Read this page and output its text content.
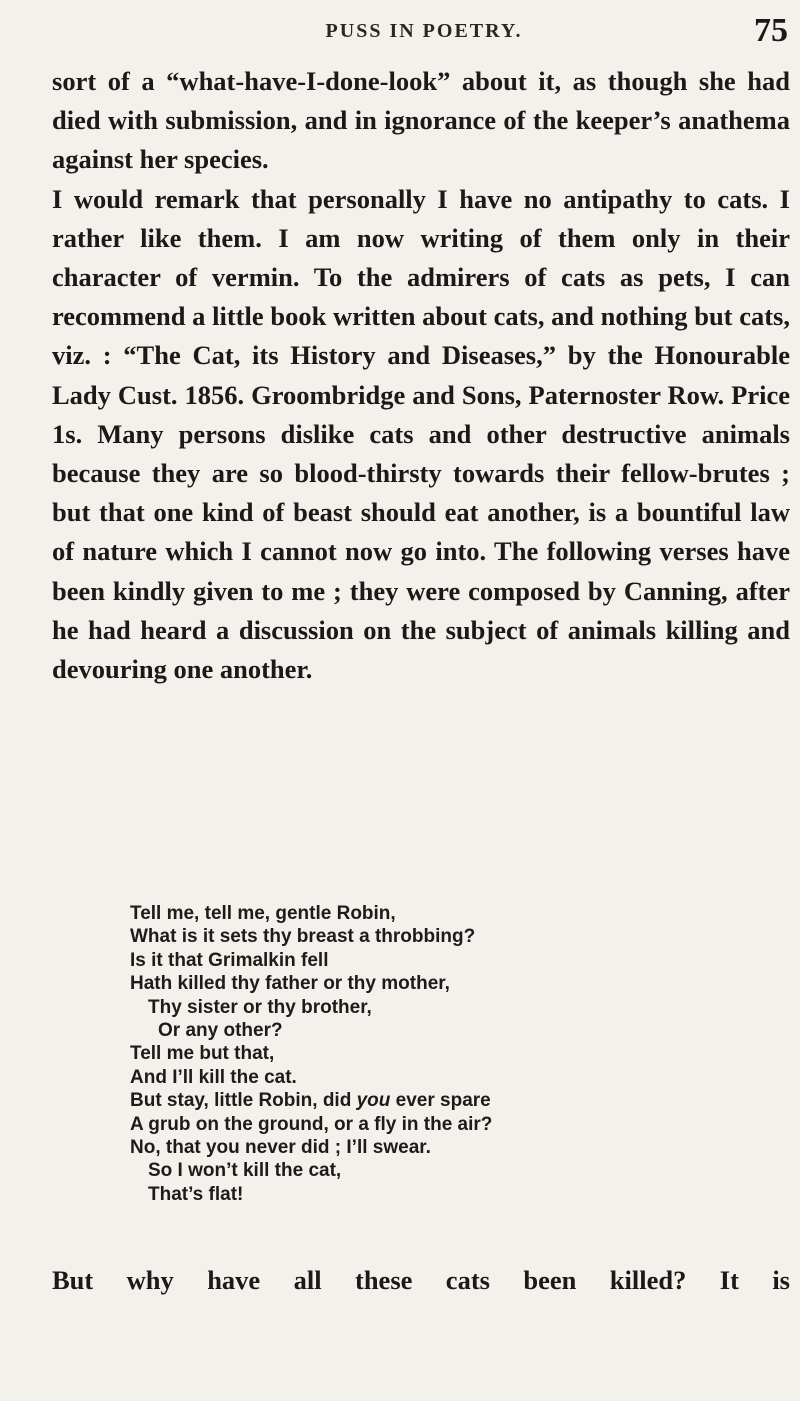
PUSS IN POETRY.	75

sort of a “what-have-I-done-look” about it, as though she had died with submission, and in ignorance of the keeper’s anathema against her species.

I would remark that personally I have no antipathy to cats. I rather like them. I am now writing of them only in their character of vermin. To the admirers of cats as pets, I can recommend a little book written about cats, and nothing but cats, viz. : “The Cat, its History and Diseases,” by the Honourable Lady Cust. 1856. Groombridge and Sons, Paternoster Row. Price 1s. Many persons dislike cats and other destructive animals because they are so blood-thirsty towards their fellow-brutes ; but that one kind of beast should eat another, is a bountiful law of nature which I cannot now go into. The following verses have been kindly given to me ; they were composed by Canning, after he had heard a discussion on the subject of animals killing and devouring one another.

Tell me, tell me, gentle Robin,
What is it sets thy breast a throbbing?
Is it that Grimalkin fell
Hath killed thy father or thy mother,
Thy sister or thy brother,
Or any other?
Tell me but that,
And I’ll kill the cat.
But stay, little Robin, did you ever spare
A grub on the ground, or a fly in the air?
No, that you never did ; I’ll swear.
So I won’t kill the cat,
That’s flat!
But why have all these cats been killed? It is
